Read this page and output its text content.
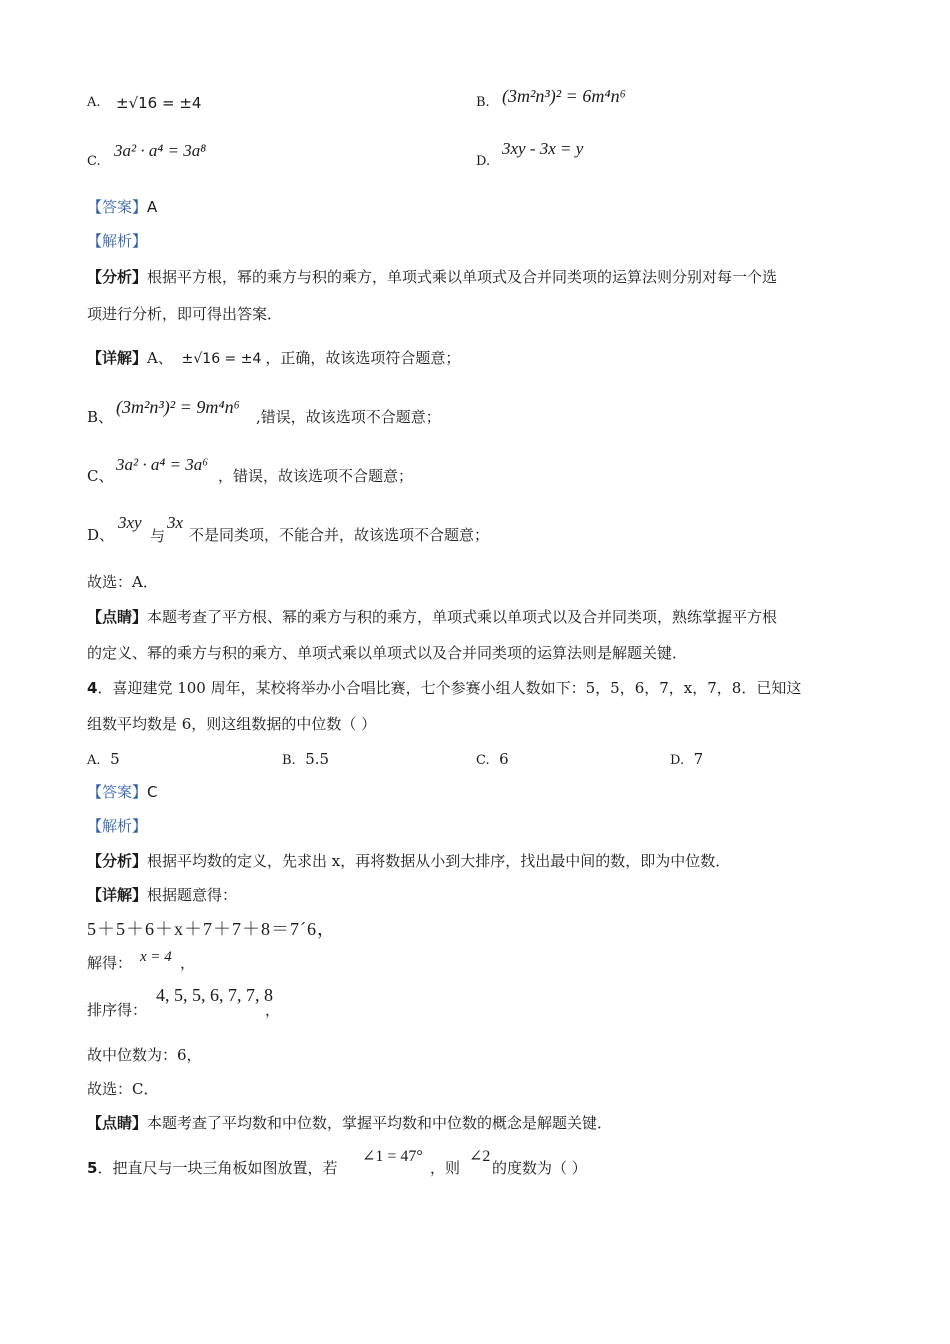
A. ±√16 = ±4	B. (3m²n³)² = 6m⁴n⁶
C.
3a² · a⁴ = 3a⁸
D.
3xy - 3x = y
【答案】A
【解析】
【分析】根据平方根，幂的乘方与积的乘方，单项式乘以单项式及合并同类项的运算法则分别对每一个选
项进行分析，即可得出答案．
【详解】A、 ±√16 = ±4 ，正确，故该选项符合题意；
B、 (3m²n³)² = 9m⁴n⁶ ,错误，故该选项不合题意；
C、
3a² · a⁴ = 3a⁶
，错误，故该选项不合题意；
D、
3xy
与
3x
不是同类项，不能合并，故该选项不合题意；
故选：A．
【点睛】本题考查了平方根、幂的乘方与积的乘方，单项式乘以单项式以及合并同类项，熟练掌握平方根
的定义、幂的乘方与积的乘方、单项式乘以单项式以及合并同类项的运算法则是解题关键．
4．喜迎建党 100 周年，某校将举办小合唱比赛，七个参赛小组人数如下：5，5，6，7，x，7，8．已知这
组数平均数是 6，则这组数据的中位数（ ）
A. 5	B. 5.5	C. 6	D. 7
【答案】C
【解析】
【分析】根据平均数的定义，先求出 x，再将数据从小到大排序，找出最中间的数，即为中位数．
【详解】根据题意得：
5＋5＋6＋x＋7＋7＋8＝7´6，
解得： x = 4 ，
排序得：
4, 5, 5, 6, 7, 7, 8
，
故中位数为：6，
故选：C．
【点睛】本题考查了平均数和中位数，掌握平均数和中位数的概念是解题关键．
5．把直尺与一块三角板如图放置，若
∠1 = 47°
，则
∠2
的度数为（ ）
